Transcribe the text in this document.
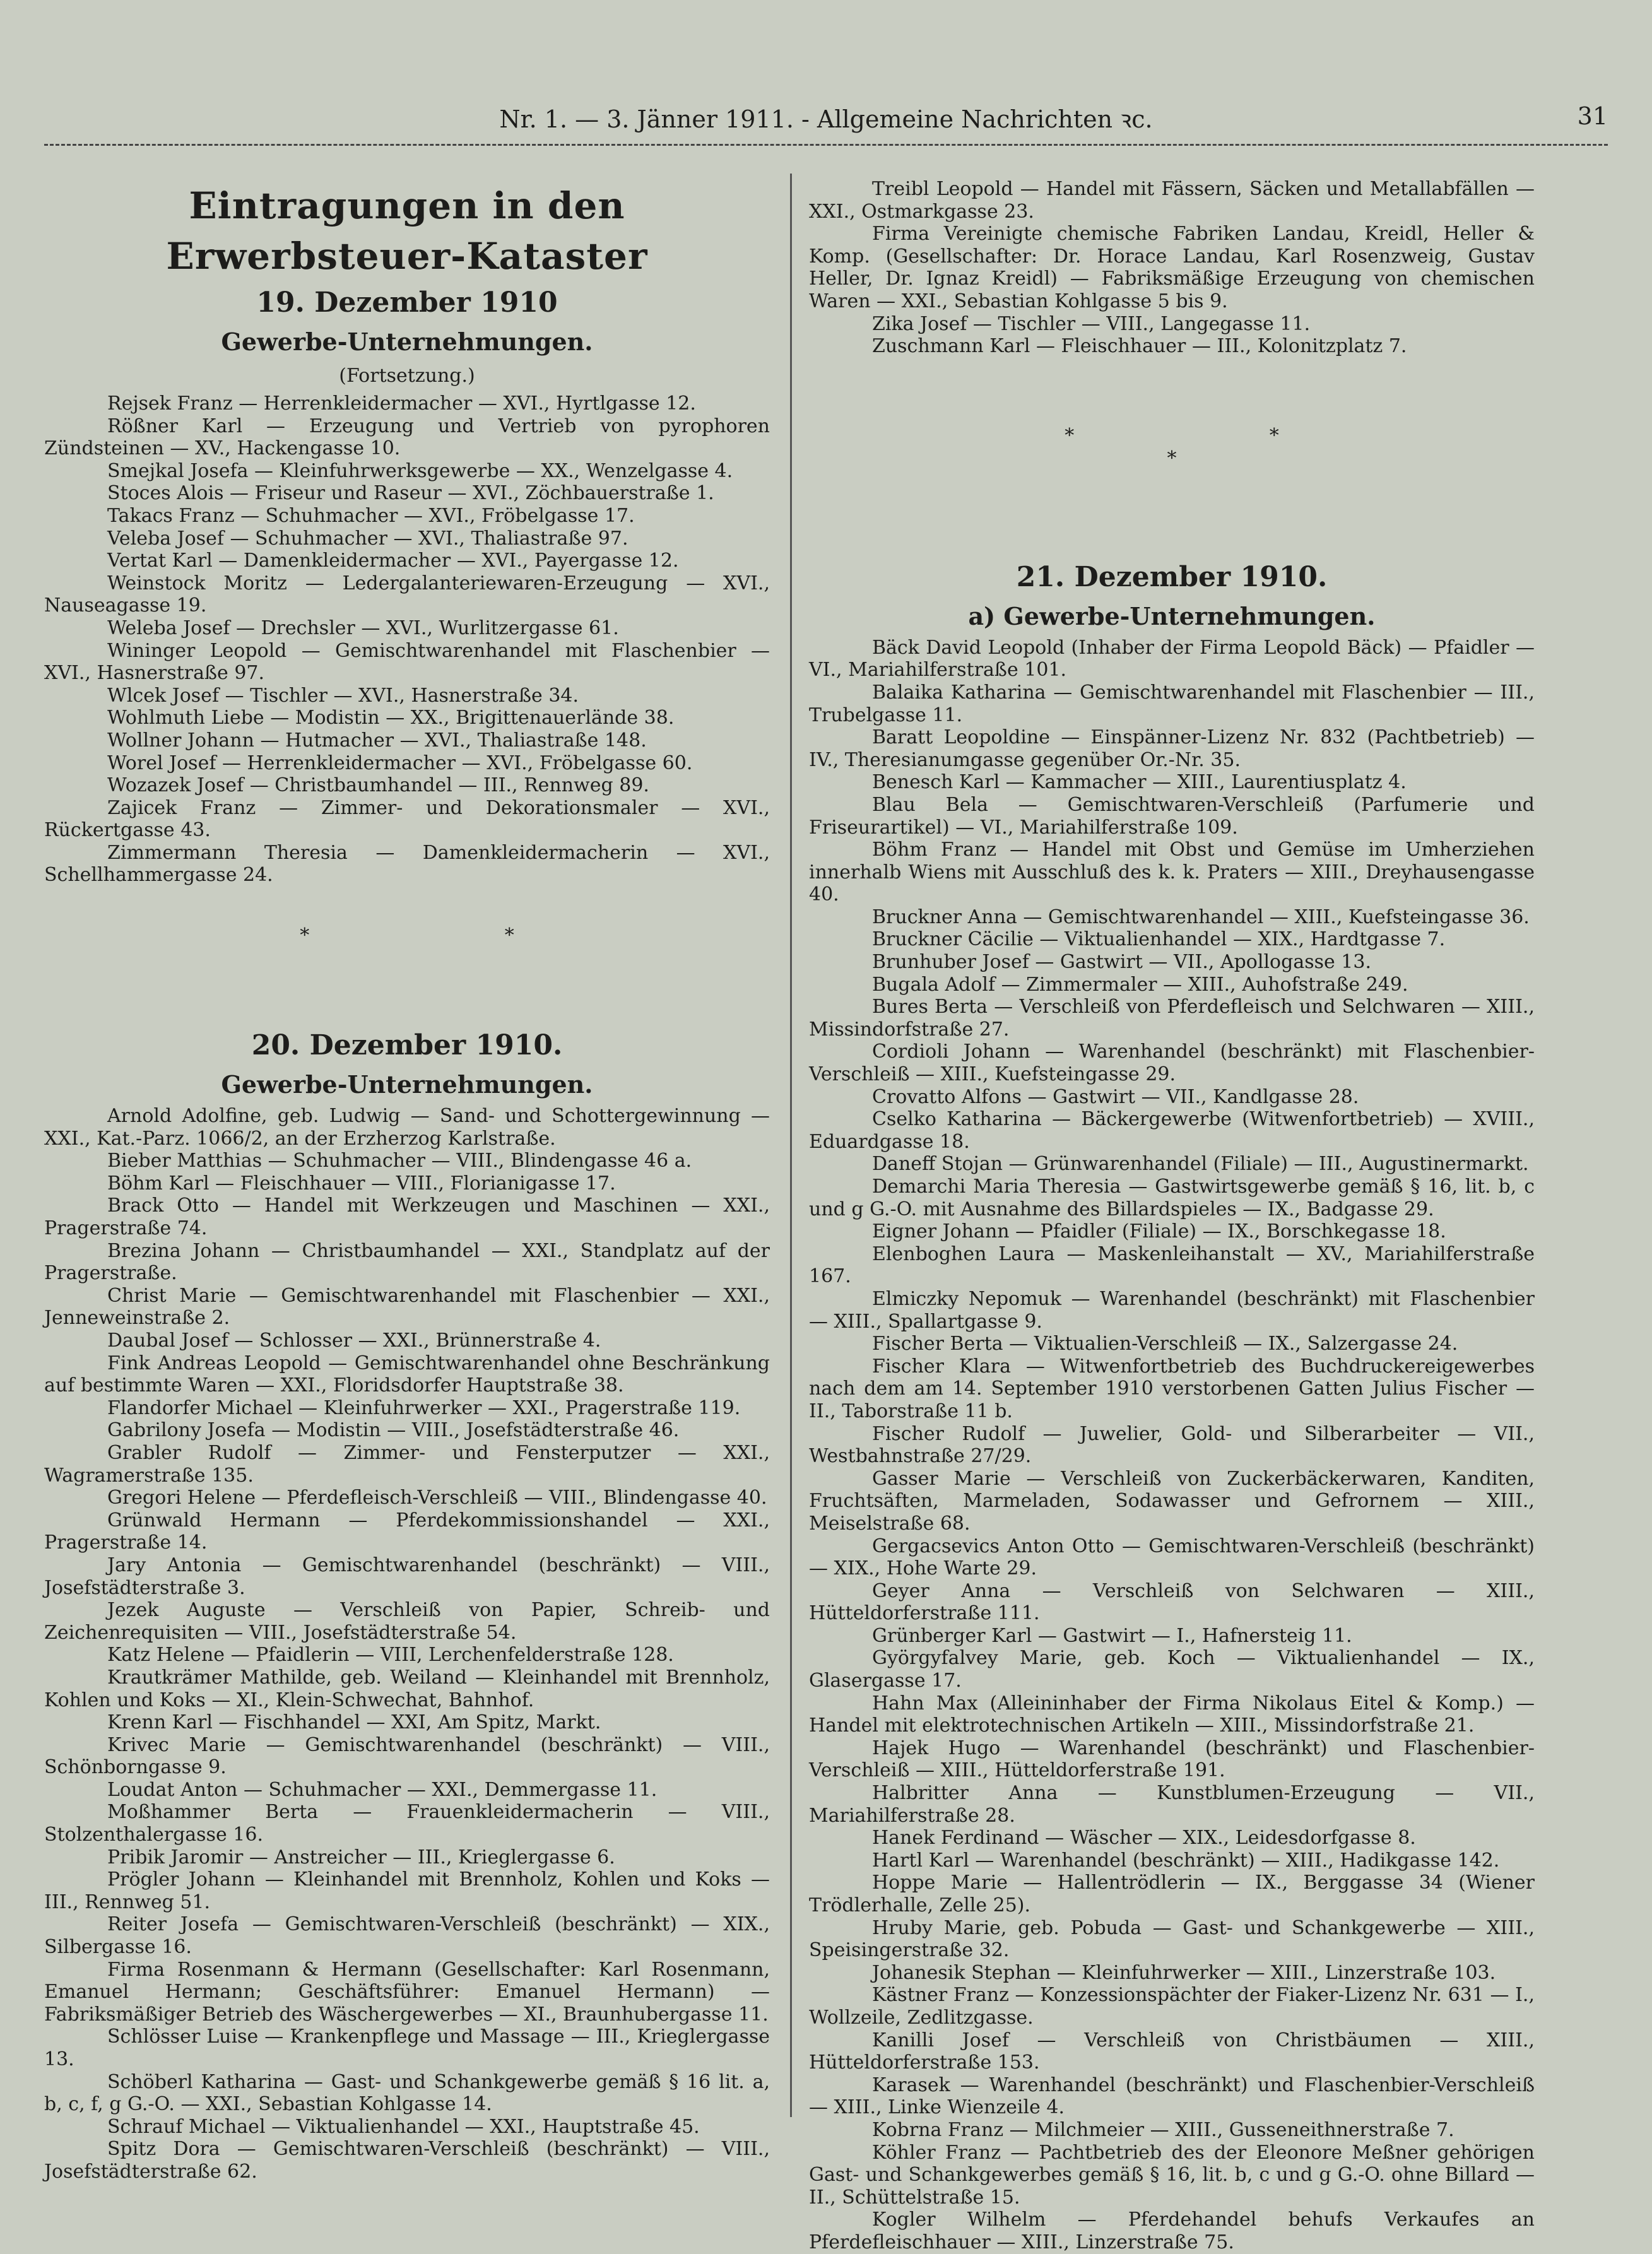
Nr. 1. — 3. Jänner 1911. - Allgemeine Nachrichten ꝛc.	31
Eintragungen in den Erwerbsteuer-Kataster
19. Dezember 1910
Gewerbe-Unternehmungen.
(Fortsetzung.)

Rejsek Franz — Herrenkleidermacher — XVI., Hyrtlgasse 12.

Rößner Karl — Erzeugung und Vertrieb von pyrophoren Zündsteinen — XV., Hackengasse 10.

Smejkal Josefa — Kleinfuhrwerksgewerbe — XX., Wenzelgasse 4.

Stoces Alois — Friseur und Raseur — XVI., Zöchbauerstraße 1.

Takacs Franz — Schuhmacher — XVI., Fröbelgasse 17.

Veleba Josef — Schuhmacher — XVI., Thaliastraße 97.

Vertat Karl — Damenkleidermacher — XVI., Payergasse 12.

Weinstock Moritz — Ledergalanteriewaren-Erzeugung — XVI., Nauseagasse 19.

Weleba Josef — Drechsler — XVI., Wurlitzergasse 61.

Wininger Leopold — Gemischtwarenhandel mit Flaschenbier — XVI., Hasnerstraße 97.

Wlcek Josef — Tischler — XVI., Hasnerstraße 34.

Wohlmuth Liebe — Modistin — XX., Brigittenauerlände 38.

Wollner Johann — Hutmacher — XVI., Thaliastraße 148.

Worel Josef — Herrenkleidermacher — XVI., Fröbelgasse 60.

Wozazek Josef — Christbaumhandel — III., Rennweg 89.

Zajicek Franz — Zimmer- und Dekorationsmaler — XVI., Rückertgasse 43.

Zimmermann Theresia — Damenkleidermacherin — XVI., Schellhammergasse 24.

* *
20. Dezember 1910.
Gewerbe-Unternehmungen.

Arnold Adolfine, geb. Ludwig — Sand- und Schottergewinnung — XXI., Kat.-Parz. 1066/2, an der Erzherzog Karlstraße.

Bieber Matthias — Schuhmacher — VIII., Blindengasse 46 a.

Böhm Karl — Fleischhauer — VIII., Florianigasse 17.

Brack Otto — Handel mit Werkzeugen und Maschinen — XXI., Pragerstraße 74.

Brezina Johann — Christbaumhandel — XXI., Standplatz auf der Pragerstraße.

Christ Marie — Gemischtwarenhandel mit Flaschenbier — XXI., Jenneweinstraße 2.

Daubal Josef — Schlosser — XXI., Brünnerstraße 4.

Fink Andreas Leopold — Gemischtwarenhandel ohne Beschränkung auf bestimmte Waren — XXI., Floridsdorfer Hauptstraße 38.

Flandorfer Michael — Kleinfuhrwerker — XXI., Pragerstraße 119.

Gabrilony Josefa — Modistin — VIII., Josefstädterstraße 46.

Grabler Rudolf — Zimmer- und Fensterputzer — XXI., Wagramerstraße 135.

Gregori Helene — Pferdefleisch-Verschleiß — VIII., Blindengasse 40.

Grünwald Hermann — Pferdekommissionshandel — XXI., Pragerstraße 14.

Jary Antonia — Gemischtwarenhandel (beschränkt) — VIII., Josefstädterstraße 3.

Jezek Auguste — Verschleiß von Papier, Schreib- und Zeichenrequisiten — VIII., Josefstädterstraße 54.

Katz Helene — Pfaidlerin — VIII, Lerchenfelderstraße 128.

Krautkrämer Mathilde, geb. Weiland — Kleinhandel mit Brennholz, Kohlen und Koks — XI., Klein-Schwechat, Bahnhof.

Krenn Karl — Fischhandel — XXI, Am Spitz, Markt.

Krivec Marie — Gemischtwarenhandel (beschränkt) — VIII., Schönborngasse 9.

Loudat Anton — Schuhmacher — XXI., Demmergasse 11.

Moßhammer Berta — Frauenkleidermacherin — VIII., Stolzenthalergasse 16.

Pribik Jaromir — Anstreicher — III., Krieglergasse 6.

Prögler Johann — Kleinhandel mit Brennholz, Kohlen und Koks — III., Rennweg 51.

Reiter Josefa — Gemischtwaren-Verschleiß (beschränkt) — XIX., Silbergasse 16.

Firma Rosenmann & Hermann (Gesellschafter: Karl Rosenmann, Emanuel Hermann; Geschäftsführer: Emanuel Hermann) — Fabriksmäßiger Betrieb des Wäschergewerbes — XI., Braunhubergasse 11.

Schlösser Luise — Krankenpflege und Massage — III., Krieglergasse 13.

Schöberl Katharina — Gast- und Schankgewerbe gemäß § 16 lit. a, b, c, f, g G.-O. — XXI., Sebastian Kohlgasse 14.

Schrauf Michael — Viktualienhandel — XXI., Hauptstraße 45.

Spitz Dora — Gemischtwaren-Verschleiß (beschränkt) — VIII., Josefstädterstraße 62.

Treibl Leopold — Handel mit Fässern, Säcken und Metallabfällen — XXI., Ostmarkgasse 23.

Firma Vereinigte chemische Fabriken Landau, Kreidl, Heller & Komp. (Gesellschafter: Dr. Horace Landau, Karl Rosenzweig, Gustav Heller, Dr. Ignaz Kreidl) — Fabriksmäßige Erzeugung von chemischen Waren — XXI., Sebastian Kohlgasse 5 bis 9.

Zika Josef — Tischler — VIII., Langegasse 11.

Zuschmann Karl — Fleischhauer — III., Kolonitzplatz 7.

* *
*
21. Dezember 1910.
a) Gewerbe-Unternehmungen.

Bäck David Leopold (Inhaber der Firma Leopold Bäck) — Pfaidler — VI., Mariahilferstraße 101.

Balaika Katharina — Gemischtwarenhandel mit Flaschenbier — III., Trubelgasse 11.

Baratt Leopoldine — Einspänner-Lizenz Nr. 832 (Pachtbetrieb) — IV., Theresianumgasse gegenüber Or.-Nr. 35.

Benesch Karl — Kammacher — XIII., Laurentiusplatz 4.

Blau Bela — Gemischtwaren-Verschleiß (Parfumerie und Friseurartikel) — VI., Mariahilferstraße 109.

Böhm Franz — Handel mit Obst und Gemüse im Umherziehen innerhalb Wiens mit Ausschluß des k. k. Praters — XIII., Dreyhausengasse 40.

Bruckner Anna — Gemischtwarenhandel — XIII., Kuefsteingasse 36.

Bruckner Cäcilie — Viktualienhandel — XIX., Hardtgasse 7.

Brunhuber Josef — Gastwirt — VII., Apollogasse 13.

Bugala Adolf — Zimmermaler — XIII., Auhofstraße 249.

Bures Berta — Verschleiß von Pferdefleisch und Selchwaren — XIII., Missindorfstraße 27.

Cordioli Johann — Warenhandel (beschränkt) mit Flaschenbier-Verschleiß — XIII., Kuefsteingasse 29.

Crovatto Alfons — Gastwirt — VII., Kandlgasse 28.

Cselko Katharina — Bäckergewerbe (Witwenfortbetrieb) — XVIII., Eduardgasse 18.

Daneff Stojan — Grünwarenhandel (Filiale) — III., Augustinermarkt.

Demarchi Maria Theresia — Gastwirtsgewerbe gemäß § 16, lit. b, c und g G.-O. mit Ausnahme des Billardspieles — IX., Badgasse 29.

Eigner Johann — Pfaidler (Filiale) — IX., Borschkegasse 18.

Elenboghen Laura — Maskenleihanstalt — XV., Mariahilferstraße 167.

Elmiczky Nepomuk — Warenhandel (beschränkt) mit Flaschenbier — XIII., Spallartgasse 9.

Fischer Berta — Viktualien-Verschleiß — IX., Salzergasse 24.

Fischer Klara — Witwenfortbetrieb des Buchdruckereigewerbes nach dem am 14. September 1910 verstorbenen Gatten Julius Fischer — II., Taborstraße 11 b.

Fischer Rudolf — Juwelier, Gold- und Silberarbeiter — VII., Westbahnstraße 27/29.

Gasser Marie — Verschleiß von Zuckerbäckerwaren, Kanditen, Fruchtsäften, Marmeladen, Sodawasser und Gefrornem — XIII., Meiselstraße 68.

Gergacsevics Anton Otto — Gemischtwaren-Verschleiß (beschränkt) — XIX., Hohe Warte 29.

Geyer Anna — Verschleiß von Selchwaren — XIII., Hütteldorferstraße 111.

Grünberger Karl — Gastwirt — I., Hafnersteig 11.

Györgyfalvey Marie, geb. Koch — Viktualienhandel — IX., Glasergasse 17.

Hahn Max (Alleininhaber der Firma Nikolaus Eitel & Komp.) — Handel mit elektrotechnischen Artikeln — XIII., Missindorfstraße 21.

Hajek Hugo — Warenhandel (beschränkt) und Flaschenbier-Verschleiß — XIII., Hütteldorferstraße 191.

Halbritter Anna — Kunstblumen-Erzeugung — VII., Mariahilferstraße 28.

Hanek Ferdinand — Wäscher — XIX., Leidesdorfgasse 8.

Hartl Karl — Warenhandel (beschränkt) — XIII., Hadikgasse 142.

Hoppe Marie — Hallentrödlerin — IX., Berggasse 34 (Wiener Trödlerhalle, Zelle 25).

Hruby Marie, geb. Pobuda — Gast- und Schankgewerbe — XIII., Speisingerstraße 32.

Johanesik Stephan — Kleinfuhrwerker — XIII., Linzerstraße 103.

Kästner Franz — Konzessionspächter der Fiaker-Lizenz Nr. 631 — I., Wollzeile, Zedlitzgasse.

Kanilli Josef — Verschleiß von Christbäumen — XIII., Hütteldorferstraße 153.

Karasek — Warenhandel (beschränkt) und Flaschenbier-Verschleiß — XIII., Linke Wienzeile 4.

Kobrna Franz — Milchmeier — XIII., Gusseneithnerstraße 7.

Köhler Franz — Pachtbetrieb des der Eleonore Meßner gehörigen Gast- und Schankgewerbes gemäß § 16, lit. b, c und g G.-O. ohne Billard — II., Schüttelstraße 15.

Kogler Wilhelm — Pferdehandel behufs Verkaufes an Pferdefleischhauer — XIII., Linzerstraße 75.
